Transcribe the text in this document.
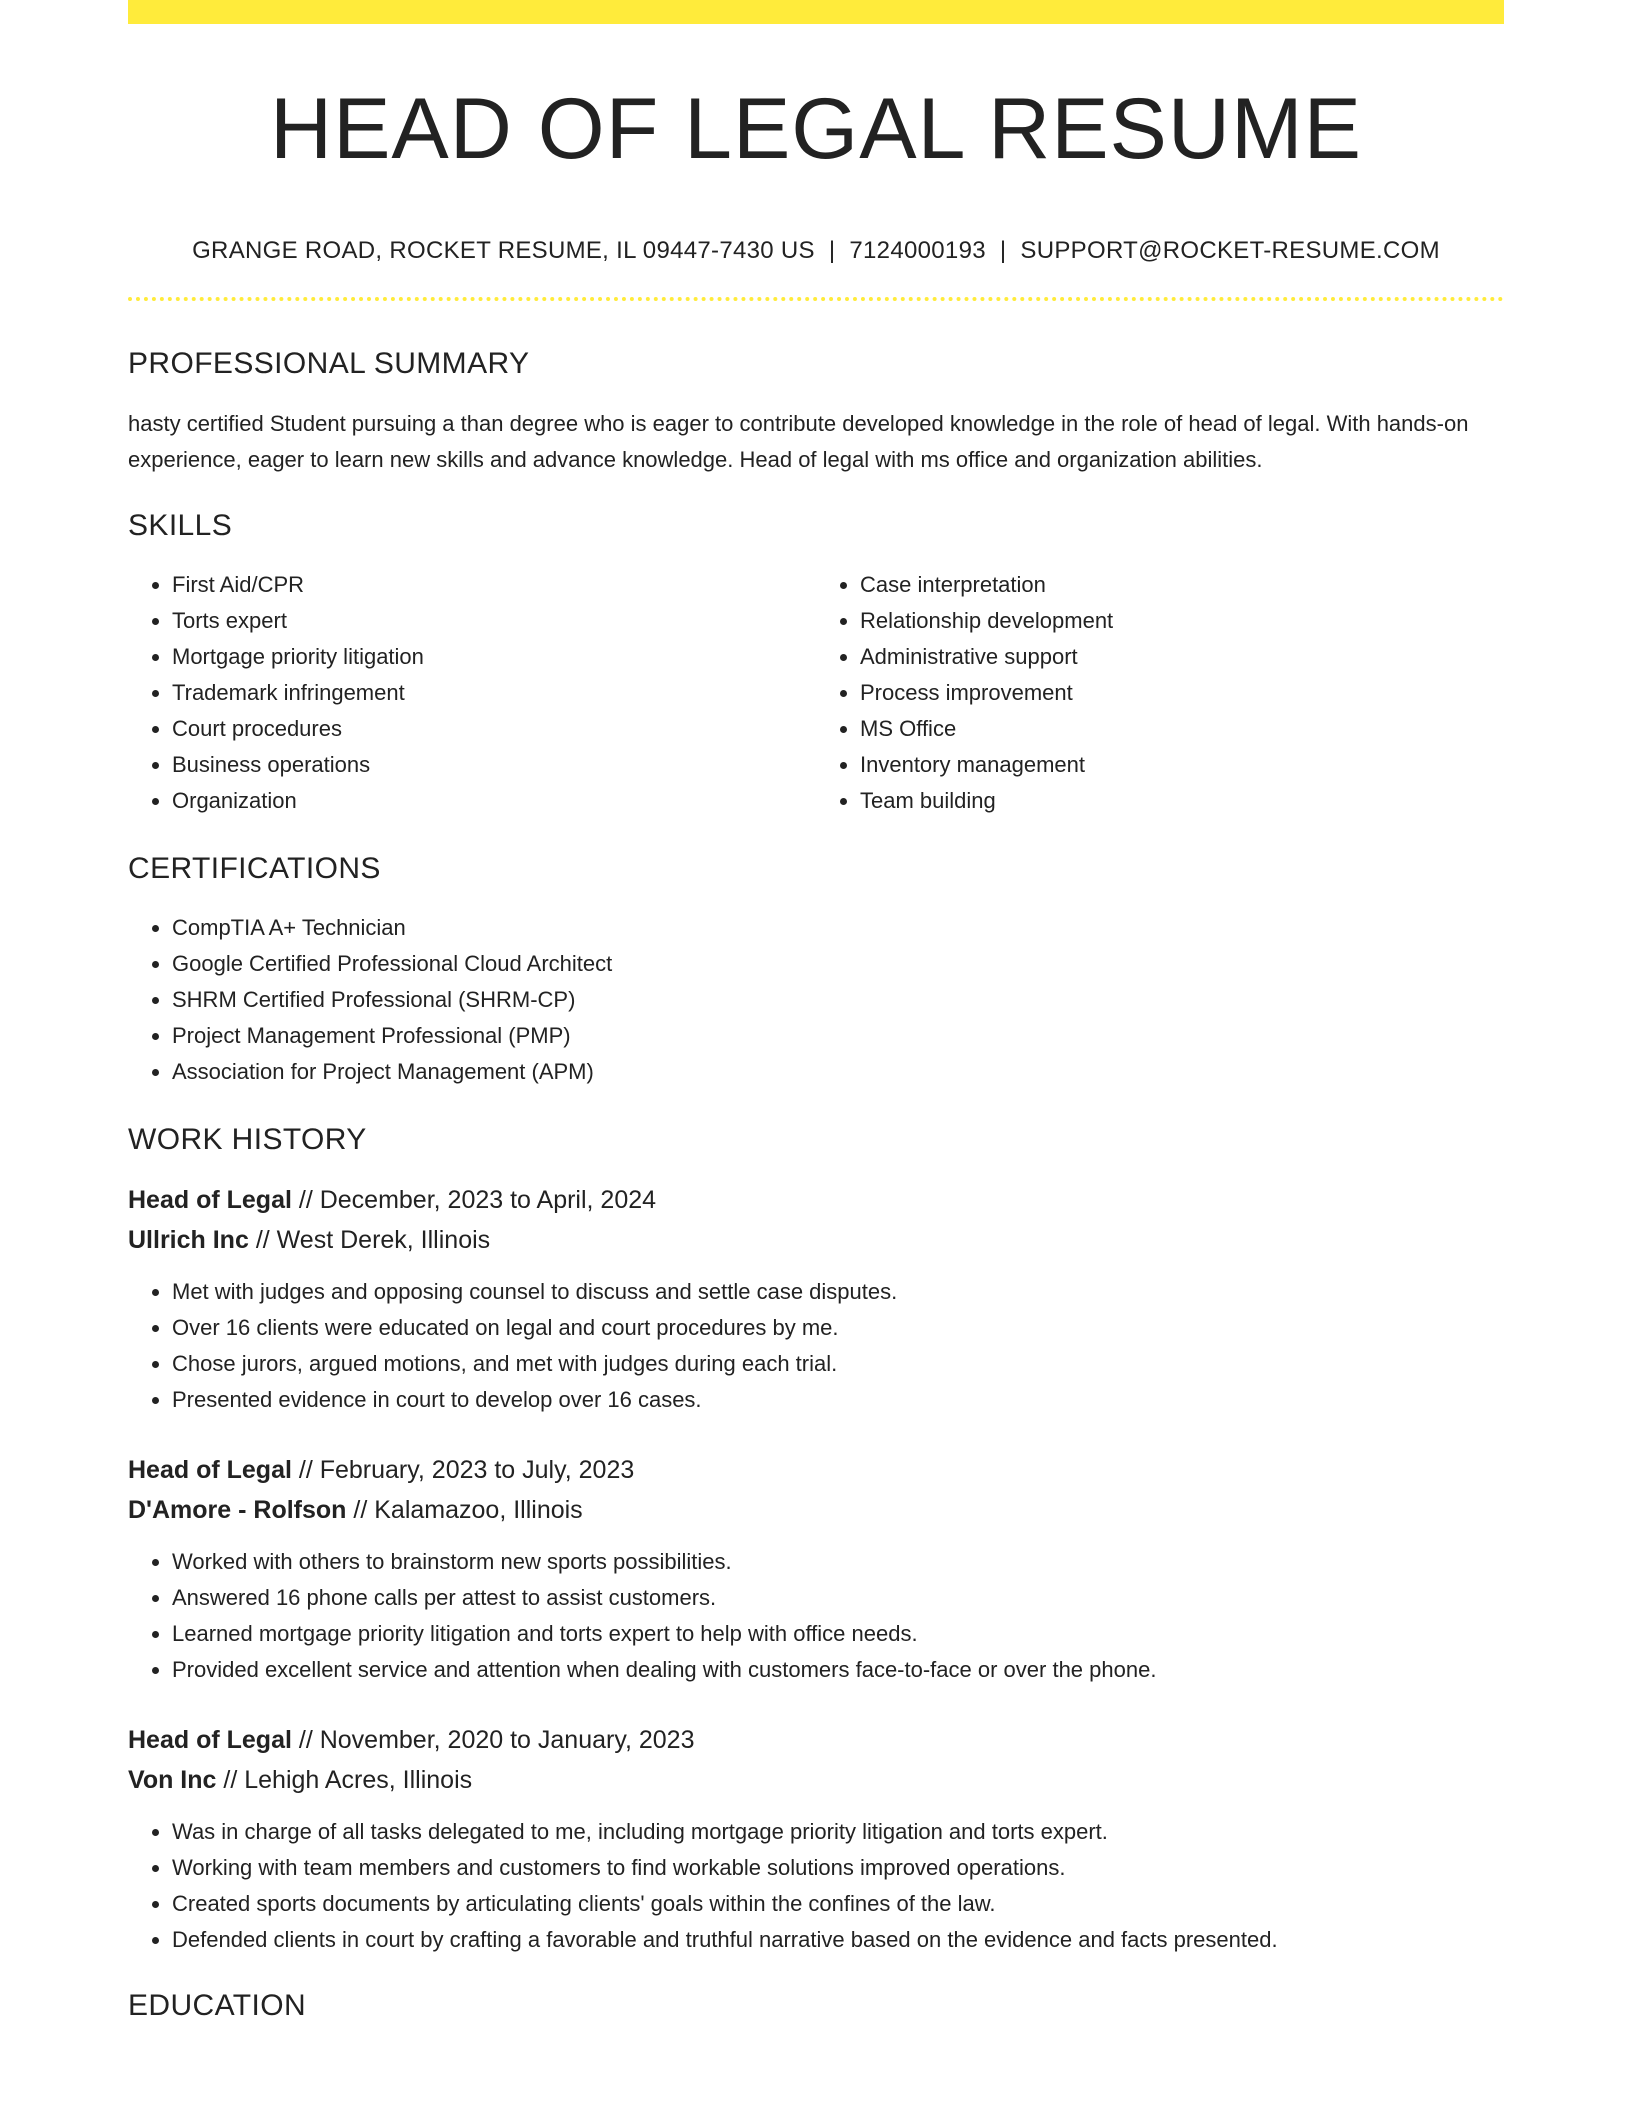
HEAD OF LEGAL RESUME
GRANGE ROAD, ROCKET RESUME, IL 09447-7430 US | 7124000193 | SUPPORT@ROCKET-RESUME.COM
PROFESSIONAL SUMMARY
hasty certified Student pursuing a than degree who is eager to contribute developed knowledge in the role of head of legal. With hands-on experience, eager to learn new skills and advance knowledge. Head of legal with ms office and organization abilities.
SKILLS
• First Aid/CPR
• Torts expert
• Mortgage priority litigation
• Trademark infringement
• Court procedures
• Business operations
• Organization
• Case interpretation
• Relationship development
• Administrative support
• Process improvement
• MS Office
• Inventory management
• Team building
CERTIFICATIONS
• CompTIA A+ Technician
• Google Certified Professional Cloud Architect
• SHRM Certified Professional (SHRM-CP)
• Project Management Professional (PMP)
• Association for Project Management (APM)
WORK HISTORY
Head of Legal // December, 2023 to April, 2024
Ullrich Inc // West Derek, Illinois
• Met with judges and opposing counsel to discuss and settle case disputes.
• Over 16 clients were educated on legal and court procedures by me.
• Chose jurors, argued motions, and met with judges during each trial.
• Presented evidence in court to develop over 16 cases.
Head of Legal // February, 2023 to July, 2023
D'Amore - Rolfson // Kalamazoo, Illinois
• Worked with others to brainstorm new sports possibilities.
• Answered 16 phone calls per attest to assist customers.
• Learned mortgage priority litigation and torts expert to help with office needs.
• Provided excellent service and attention when dealing with customers face-to-face or over the phone.
Head of Legal // November, 2020 to January, 2023
Von Inc // Lehigh Acres, Illinois
• Was in charge of all tasks delegated to me, including mortgage priority litigation and torts expert.
• Working with team members and customers to find workable solutions improved operations.
• Created sports documents by articulating clients' goals within the confines of the law.
• Defended clients in court by crafting a favorable and truthful narrative based on the evidence and facts presented.
EDUCATION
